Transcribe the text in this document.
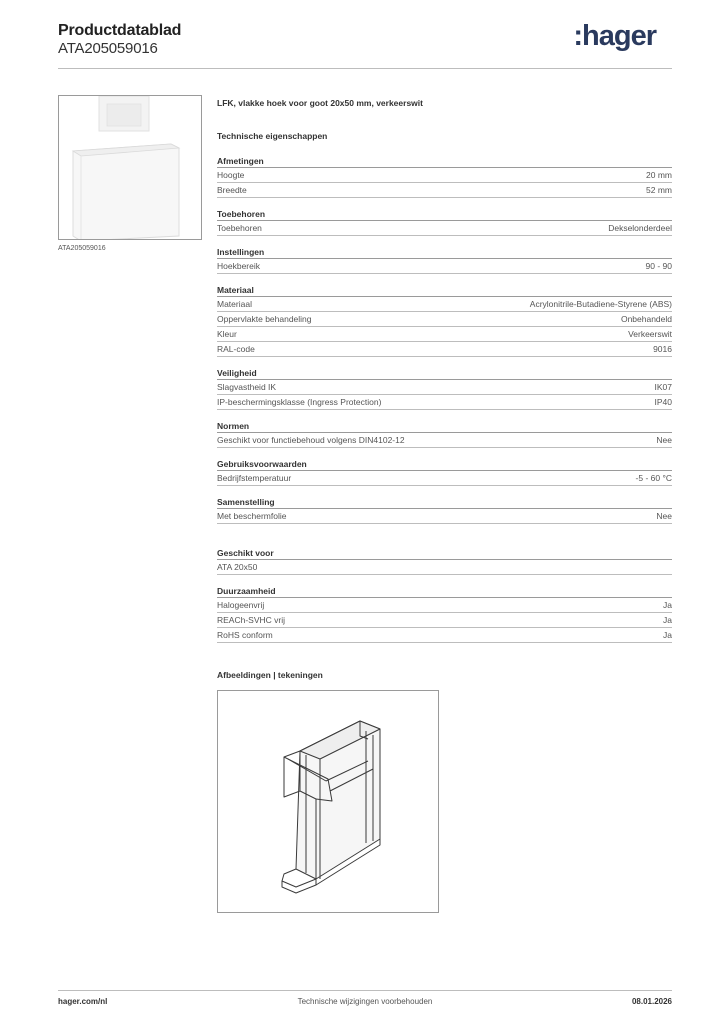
Productdatablad
ATA205059016	:hager
ATA205059016
LFK, vlakke hoek voor goot 20x50 mm, verkeerswit
Technische eigenschappen
Afmetingen
Hoogte	20 mm
Breedte	52 mm
Toebehoren
Toebehoren	Dekselonderdeel
Instellingen
Hoekbereik	90 - 90
Materiaal
Materiaal	Acrylonitrile-Butadiene-Styrene (ABS)
Oppervlakte behandeling	Onbehandeld
Kleur	Verkeerswit
RAL-code	9016
Veiligheid
Slagvastheid IK	IK07
IP-beschermingsklasse (Ingress Protection)	IP40
Normen
Geschikt voor functiebehoud volgens DIN4102-12	Nee
Gebruiksvoorwaarden
Bedrijfstemperatuur	-5 - 60 °C
Samenstelling
Met beschermfolie	Nee
Geschikt voor
ATA 20x50
Duurzaamheid
Halogeenvrij	Ja
REACh-SVHC vrij	Ja
RoHS conform	Ja
Afbeeldingen | tekeningen
Technische wijzigingen voorbehouden
hager.com/nl	08.01.2026
